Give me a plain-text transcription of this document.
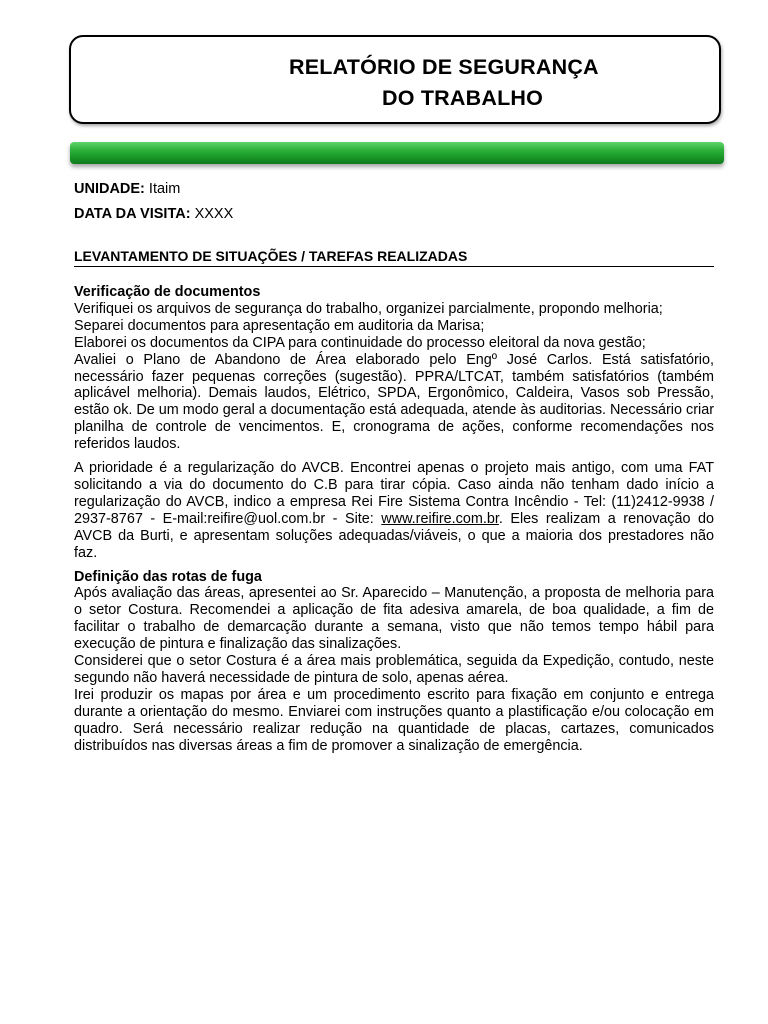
RELATÓRIO DE SEGURANÇA
DO TRABALHO
UNIDADE: Itaim
DATA DA VISITA: XXXX
LEVANTAMENTO DE SITUAÇÕES / TAREFAS REALIZADAS

Verificação de documentos

Verifiquei os arquivos de segurança do trabalho, organizei parcialmente, propondo melhoria;

Separei documentos para apresentação em auditoria da Marisa;

Elaborei os documentos da CIPA para continuidade do processo eleitoral da nova gestão;

Avaliei o Plano de Abandono de Área elaborado pelo Engº José Carlos. Está satisfatório, necessário fazer pequenas correções (sugestão). PPRA/LTCAT, também satisfatórios (também aplicável melhoria). Demais laudos, Elétrico, SPDA, Ergonômico, Caldeira, Vasos sob Pressão, estão ok. De um modo geral a documentação está adequada, atende às auditorias. Necessário criar planilha de controle de vencimentos. E, cronograma de ações, conforme recomendações nos referidos laudos.

A prioridade é a regularização do AVCB. Encontrei apenas o projeto mais antigo, com uma FAT solicitando a via do documento do C.B para tirar cópia. Caso ainda não tenham dado início a regularização do AVCB, indico a empresa Rei Fire Sistema Contra Incêndio - Tel: (11)2412-9938 / 2937-8767 - E-mail:reifire@uol.com.br - Site: www.reifire.com.br. Eles realizam a renovação do AVCB da Burti, e apresentam soluções adequadas/viáveis, o que a maioria dos prestadores não faz.

Definição das rotas de fuga

Após avaliação das áreas, apresentei ao Sr. Aparecido – Manutenção, a proposta de melhoria para o setor Costura. Recomendei a aplicação de fita adesiva amarela, de boa qualidade, a fim de facilitar o trabalho de demarcação durante a semana, visto que não temos tempo hábil para execução de pintura e finalização das sinalizações.

Considerei que o setor Costura é a área mais problemática, seguida da Expedição, contudo, neste segundo não haverá necessidade de pintura de solo, apenas aérea.

Irei produzir os mapas por área e um procedimento escrito para fixação em conjunto e entrega durante a orientação do mesmo. Enviarei com instruções quanto a plastificação e/ou colocação em quadro. Será necessário realizar redução na quantidade de placas, cartazes, comunicados distribuídos nas diversas áreas a fim de promover a sinalização de emergência.
